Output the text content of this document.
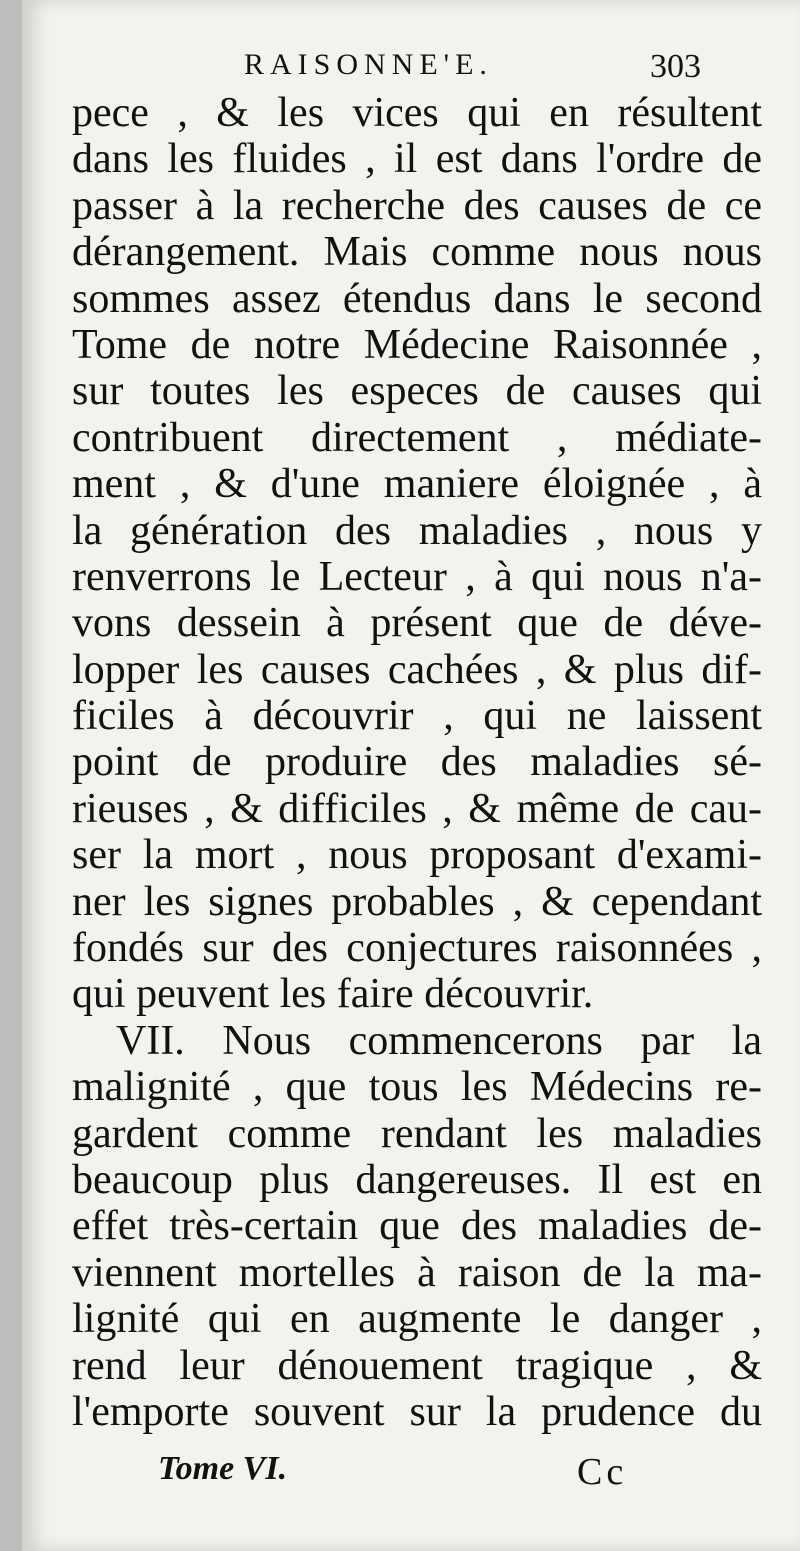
RAISONNE'E.	303
pece , & les vices qui en résultent
dans les fluides , il est dans l'ordre de
passer à la recherche des causes de ce
dérangement. Mais comme nous nous
sommes assez étendus dans le second
Tome de notre Médecine Raisonnée ,
sur toutes les especes de causes qui
contribuent directement , médiate-
ment , & d'une maniere éloignée , à
la génération des maladies , nous y
renverrons le Lecteur , à qui nous n'a-
vons dessein à présent que de déve-
lopper les causes cachées , & plus dif-
ficiles à découvrir , qui ne laissent
point de produire des maladies sé-
rieuses , & difficiles , & même de cau-
ser la mort , nous proposant d'exami-
ner les signes probables , & cependant
fondés sur des conjectures raisonnées ,
qui peuvent les faire découvrir.
VII. Nous commencerons par la
malignité , que tous les Médecins re-
gardent comme rendant les maladies
beaucoup plus dangereuses. Il est en
effet très-certain que des maladies de-
viennent mortelles à raison de la ma-
lignité qui en augmente le danger ,
rend leur dénouement tragique , &
l'emporte souvent sur la prudence du
Tome VI.	Cc
